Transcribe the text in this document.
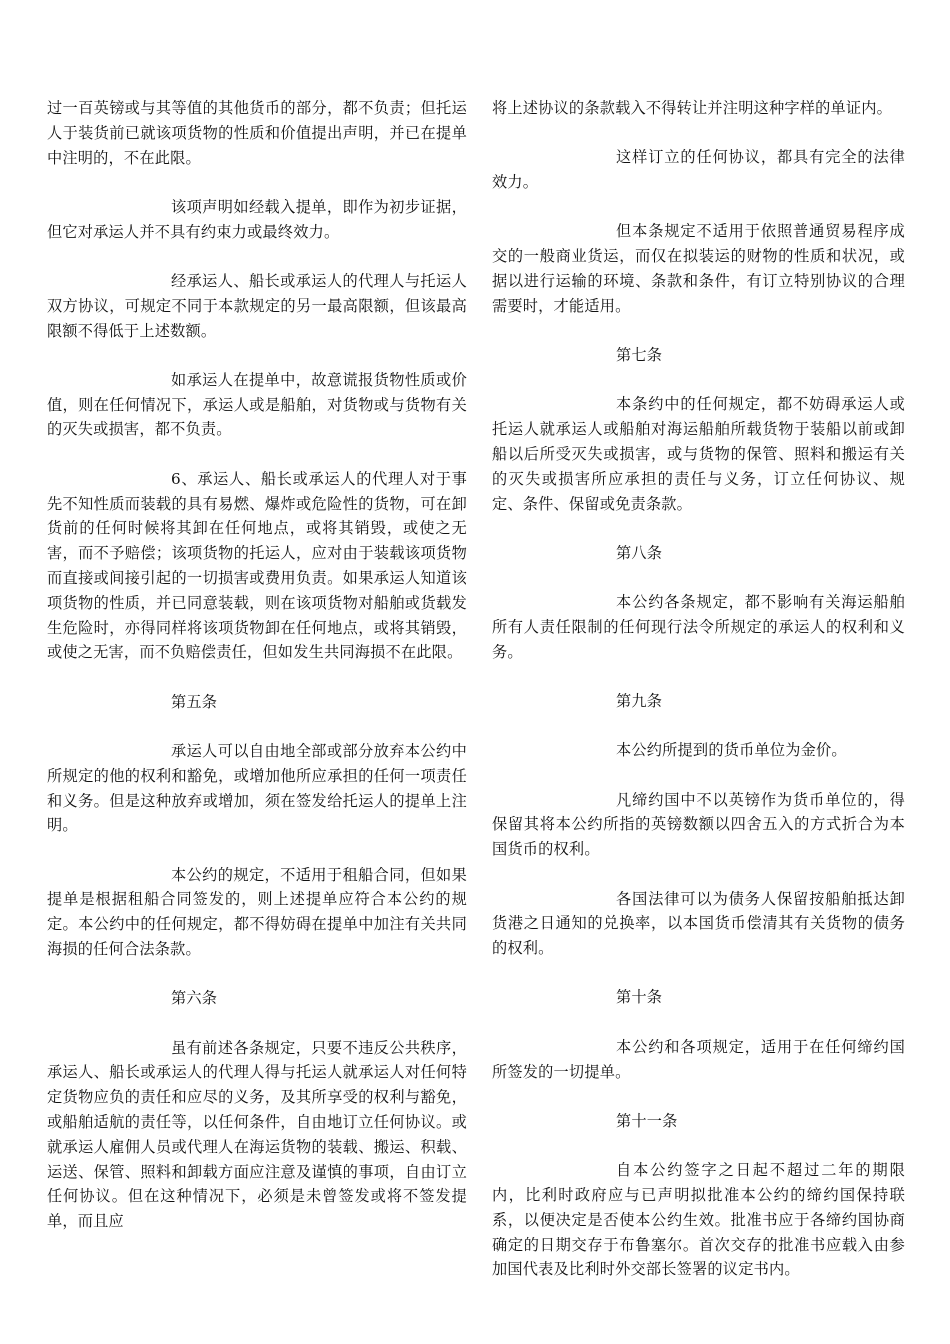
过一百英镑或与其等值的其他货币的部分，都不负责；但托运人于装货前已就该项货物的性质和价值提出声明，并已在提单中注明的，不在此限。

该项声明如经载入提单，即作为初步证据，但它对承运人并不具有约束力或最终效力。

经承运人、船长或承运人的代理人与托运人双方协议，可规定不同于本款规定的另一最高限额，但该最高限额不得低于上述数额。

如承运人在提单中，故意谎报货物性质或价值，则在任何情况下，承运人或是船舶，对货物或与货物有关的灭失或损害，都不负责。

6、承运人、船长或承运人的代理人对于事先不知性质而装载的具有易燃、爆炸或危险性的货物，可在卸货前的任何时候将其卸在任何地点，或将其销毁，或使之无害，而不予赔偿；该项货物的托运人，应对由于装载该项货物而直接或间接引起的一切损害或费用负责。如果承运人知道该项货物的性质，并已同意装载，则在该项货物对船舶或货载发生危险时，亦得同样将该项货物卸在任何地点，或将其销毁，或使之无害，而不负赔偿责任，但如发生共同海损不在此限。

第五条

承运人可以自由地全部或部分放弃本公约中所规定的他的权利和豁免，或增加他所应承担的任何一项责任和义务。但是这种放弃或增加，须在签发给托运人的提单上注明。

本公约的规定，不适用于租船合同，但如果提单是根据租船合同签发的，则上述提单应符合本公约的规定。本公约中的任何规定，都不得妨碍在提单中加注有关共同海损的任何合法条款。

第六条

虽有前述各条规定，只要不违反公共秩序，承运人、船长或承运人的代理人得与托运人就承运人对任何特定货物应负的责任和应尽的义务，及其所享受的权利与豁免，或船舶适航的责任等，以任何条件，自由地订立任何协议。或就承运人雇佣人员或代理人在海运货物的装载、搬运、积载、运送、保管、照料和卸载方面应注意及谨慎的事项，自由订立任何协议。但在这种情况下，必须是未曾签发或将不签发提单，而且应

将上述协议的条款载入不得转让并注明这种字样的单证内。

这样订立的任何协议，都具有完全的法律效力。

但本条规定不适用于依照普通贸易程序成交的一般商业货运，而仅在拟装运的财物的性质和状况，或据以进行运输的环境、条款和条件，有订立特别协议的合理需要时，才能适用。

第七条

本条约中的任何规定，都不妨碍承运人或托运人就承运人或船舶对海运船舶所载货物于装船以前或卸船以后所受灭失或损害，或与货物的保管、照料和搬运有关的灭失或损害所应承担的责任与义务，订立任何协议、规定、条件、保留或免责条款。

第八条

本公约各条规定，都不影响有关海运船舶所有人责任限制的任何现行法令所规定的承运人的权利和义务。

第九条

本公约所提到的货币单位为金价。

凡缔约国中不以英镑作为货币单位的，得保留其将本公约所指的英镑数额以四舍五入的方式折合为本国货币的权利。

各国法律可以为债务人保留按船舶抵达卸货港之日通知的兑换率，以本国货币偿清其有关货物的债务的权利。

第十条

本公约和各项规定，适用于在任何缔约国所签发的一切提单。

第十一条

自本公约签字之日起不超过二年的期限内，比利时政府应与已声明拟批准本公约的缔约国保持联系，以便决定是否使本公约生效。批准书应于各缔约国协商确定的日期交存于布鲁塞尔。首次交存的批准书应载入由参加国代表及比利时外交部长签署的议定书内。
